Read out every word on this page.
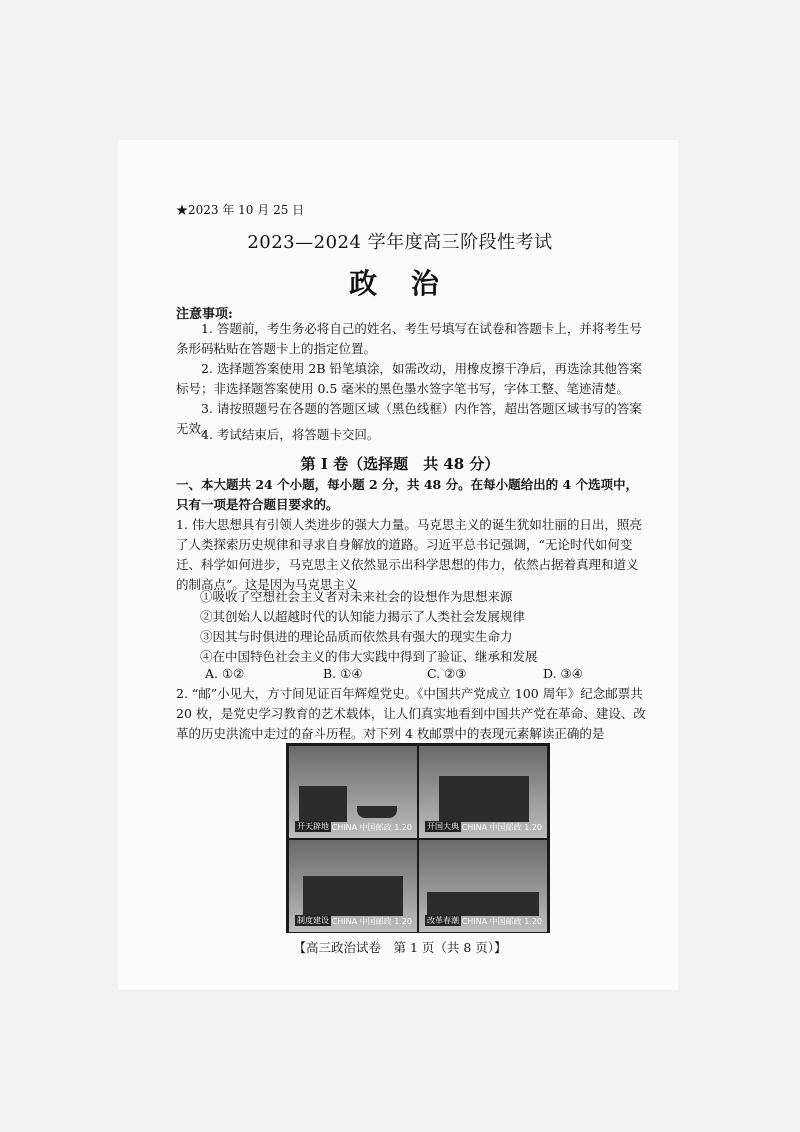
★2023 年 10 月 25 日
2023—2024 学年度高三阶段性考试
政 治
注意事项:

1. 答题前，考生务必将自己的姓名、考生号填写在试卷和答题卡上，并将考生号条形码粘贴在答题卡上的指定位置。

2. 选择题答案使用 2B 铅笔填涂，如需改动，用橡皮擦干净后，再选涂其他答案标号；非选择题答案使用 0.5 毫米的黑色墨水签字笔书写，字体工整、笔迹清楚。

3. 请按照题号在各题的答题区域（黑色线框）内作答，超出答题区域书写的答案无效。

4. 考试结束后，将答题卡交回。

第 I 卷（选择题　共 48 分）

一、本大题共 24 个小题，每小题 2 分，共 48 分。在每小题给出的 4 个选项中，只有一项是符合题目要求的。

1. 伟大思想具有引领人类进步的强大力量。马克思主义的诞生犹如壮丽的日出，照亮了人类探索历史规律和寻求自身解放的道路。习近平总书记强调，“无论时代如何变迁、科学如何进步，马克思主义依然显示出科学思想的伟力，依然占据着真理和道义的制高点”。这是因为马克思主义

①吸收了空想社会主义者对未来社会的设想作为思想来源
②其创始人以超越时代的认知能力揭示了人类社会发展规律
③因其与时俱进的理论品质而依然具有强大的现实生命力
④在中国特色社会主义的伟大实践中得到了验证、继承和发展
A. ①②	B. ①④	C. ②③	D. ③④

2. “邮”小见大，方寸间见证百年辉煌党史。《中国共产党成立 100 周年》纪念邮票共 20 枚，是党史学习教育的艺术载体，让人们真实地看到中国共产党在革命、建设、改革的历史洪流中走过的奋斗历程。对下列 4 枚邮票中的表现元素解读正确的是

开天辟地 CHINA 中国邮政 1.20 开国大典 CHINA 中国邮政 1.20
制度建设 CHINA 中国邮政 1.20 改革春潮 CHINA 中国邮政 1.20
【高三政治试卷　第 1 页（共 8 页）】
